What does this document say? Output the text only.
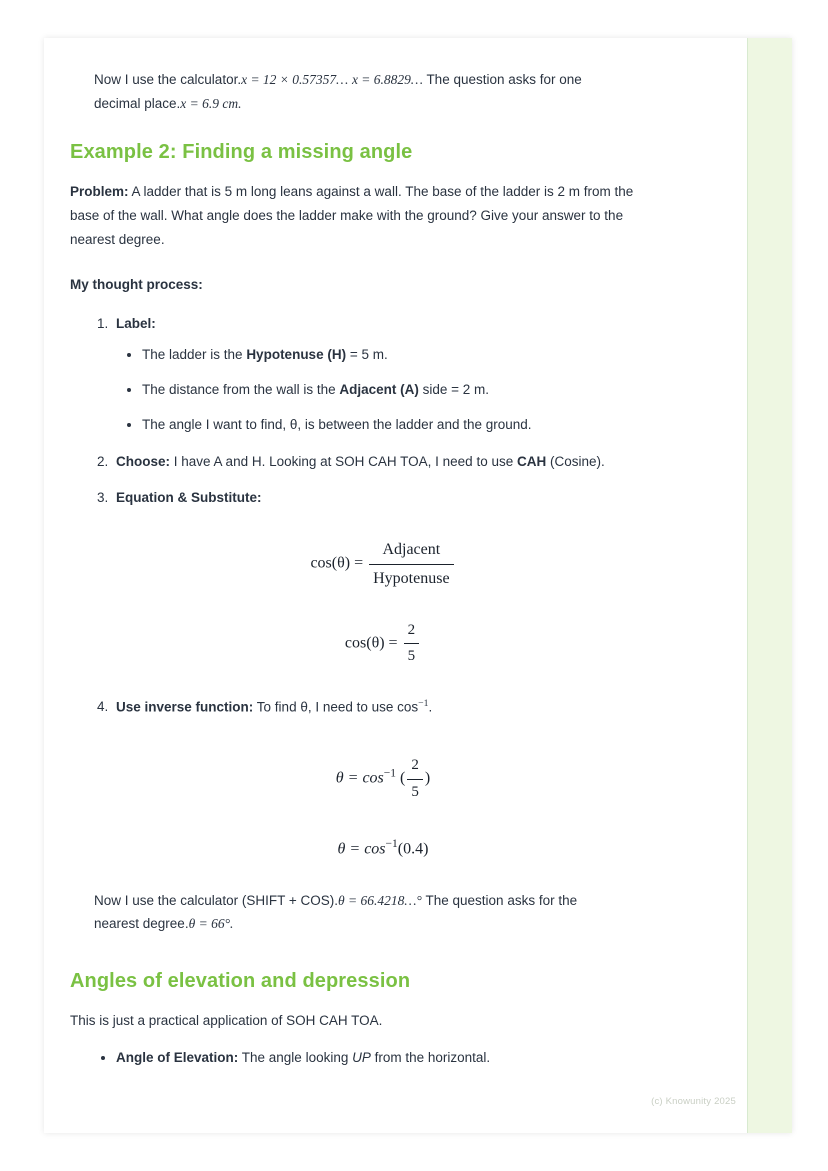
Now I use the calculator.x = 12 × 0.57357… x = 6.8829… The question asks for one decimal place.x = 6.9 cm.

Example 2: Finding a missing angle

Problem: A ladder that is 5 m long leans against a wall. The base of the ladder is 2 m from the base of the wall. What angle does the ladder make with the ground? Give your answer to the nearest degree.

My thought process:

1. Label:
• The ladder is the Hypotenuse (H) = 5 m.
• The distance from the wall is the Adjacent (A) side = 2 m.
• The angle I want to find, θ, is between the ladder and the ground.
2. Choose: I have A and H. Looking at SOH CAH TOA, I need to use CAH (Cosine).
3. Equation & Substitute:
$\cos(\theta) = \frac{\text{Adjacent}}{\text{Hypotenuse}}$
$\cos(\theta) = \frac{2}{5}$
4. Use inverse function: To find θ, I need to use $\cos^{-1}$.
$\theta = \cos^{-1}$ ( $\frac{2}{5}$ )
$\theta = \cos^{-1}(0.4)$

Now I use the calculator (SHIFT + COS).θ = 66.4218…° The question asks for the nearest degree.θ = 66°.

Angles of elevation and depression

This is just a practical application of SOH CAH TOA.

• Angle of Elevation: The angle looking UP from the horizontal.
(c) Knowunity 2025
